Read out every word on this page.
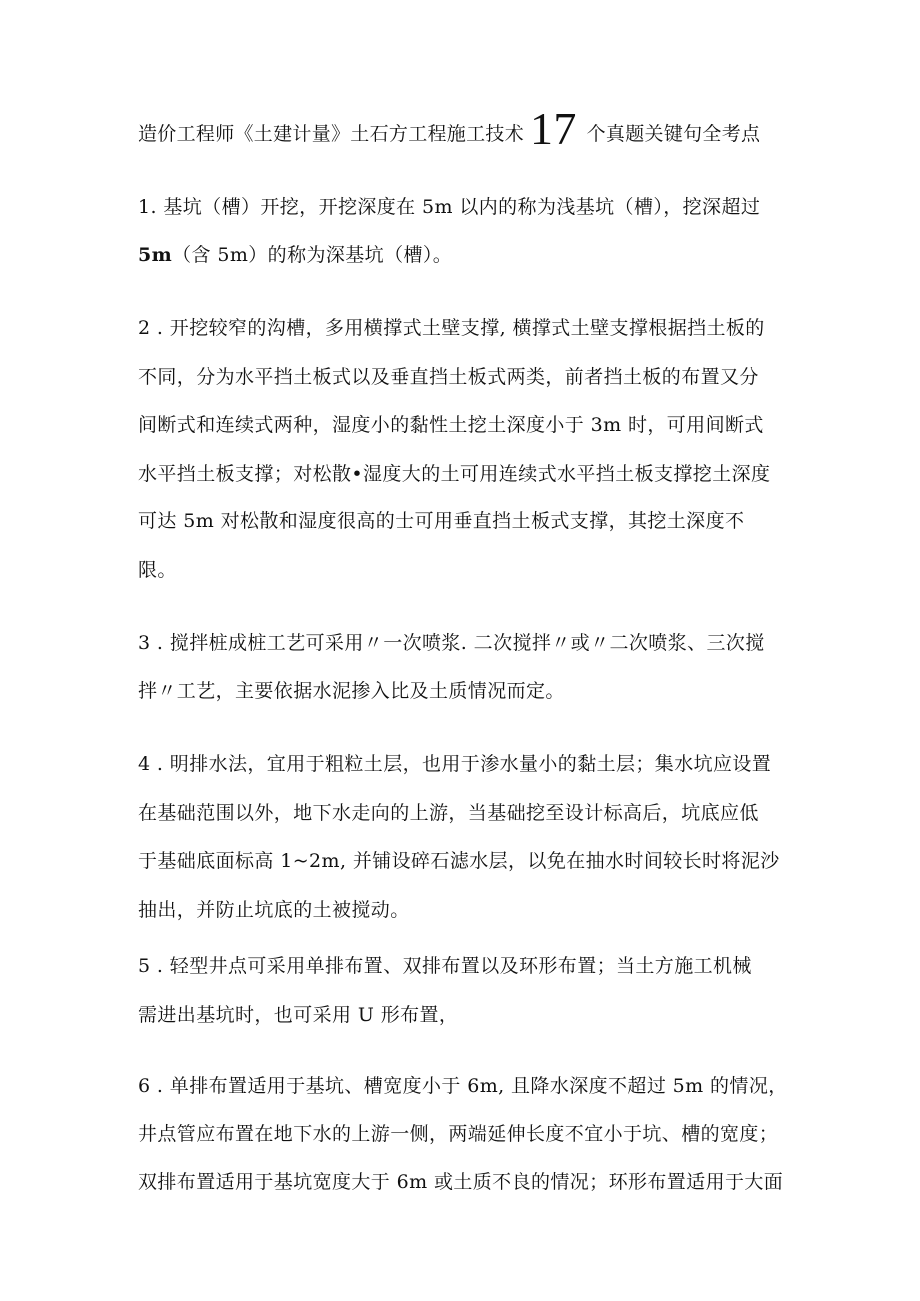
造价工程师《土建计量》土石方工程施工技术 17 个真题关键句全考点
1. 基坑（槽）开挖，开挖深度在 5m 以内的称为浅基坑（槽），挖深超过
5m（含 5m）的称为深基坑（槽）。
2 . 开挖较窄的沟槽，多用横撑式土壁支撑, 横撑式土壁支撑根据挡土板的
不同，分为水平挡土板式以及垂直挡土板式两类，前者挡土板的布置又分
间断式和连续式两种，湿度小的黏性土挖土深度小于 3m 时，可用间断式
水平挡土板支撑；对松散•湿度大的土可用连续式水平挡土板支撑挖土深度
可达 5m 对松散和湿度很高的士可用垂直挡土板式支撑，其挖土深度不
限。
3 . 搅拌桩成桩工艺可采用〃一次喷浆. 二次搅拌〃或〃二次喷浆、三次搅
拌〃工艺，主要依据水泥掺入比及土质情况而定。
4 . 明排水法，宜用于粗粒土层，也用于渗水量小的黏土层；集水坑应设置
在基础范围以外，地下水走向的上游，当基础挖至设计标高后，坑底应低
于基础底面标高 1~2m, 并铺设碎石滤水层，以免在抽水时间较长时将泥沙
抽出，并防止坑底的土被搅动。
5 . 轻型井点可采用单排布置、双排布置以及环形布置；当土方施工机械
需进出基坑时，也可采用 U 形布置，
6 . 单排布置适用于基坑、槽宽度小于 6m, 且降水深度不超过 5m 的情况，
井点管应布置在地下水的上游一侧，两端延伸长度不宜小于坑、槽的宽度；
双排布置适用于基坑宽度大于 6m 或土质不良的情况；环形布置适用于大面
